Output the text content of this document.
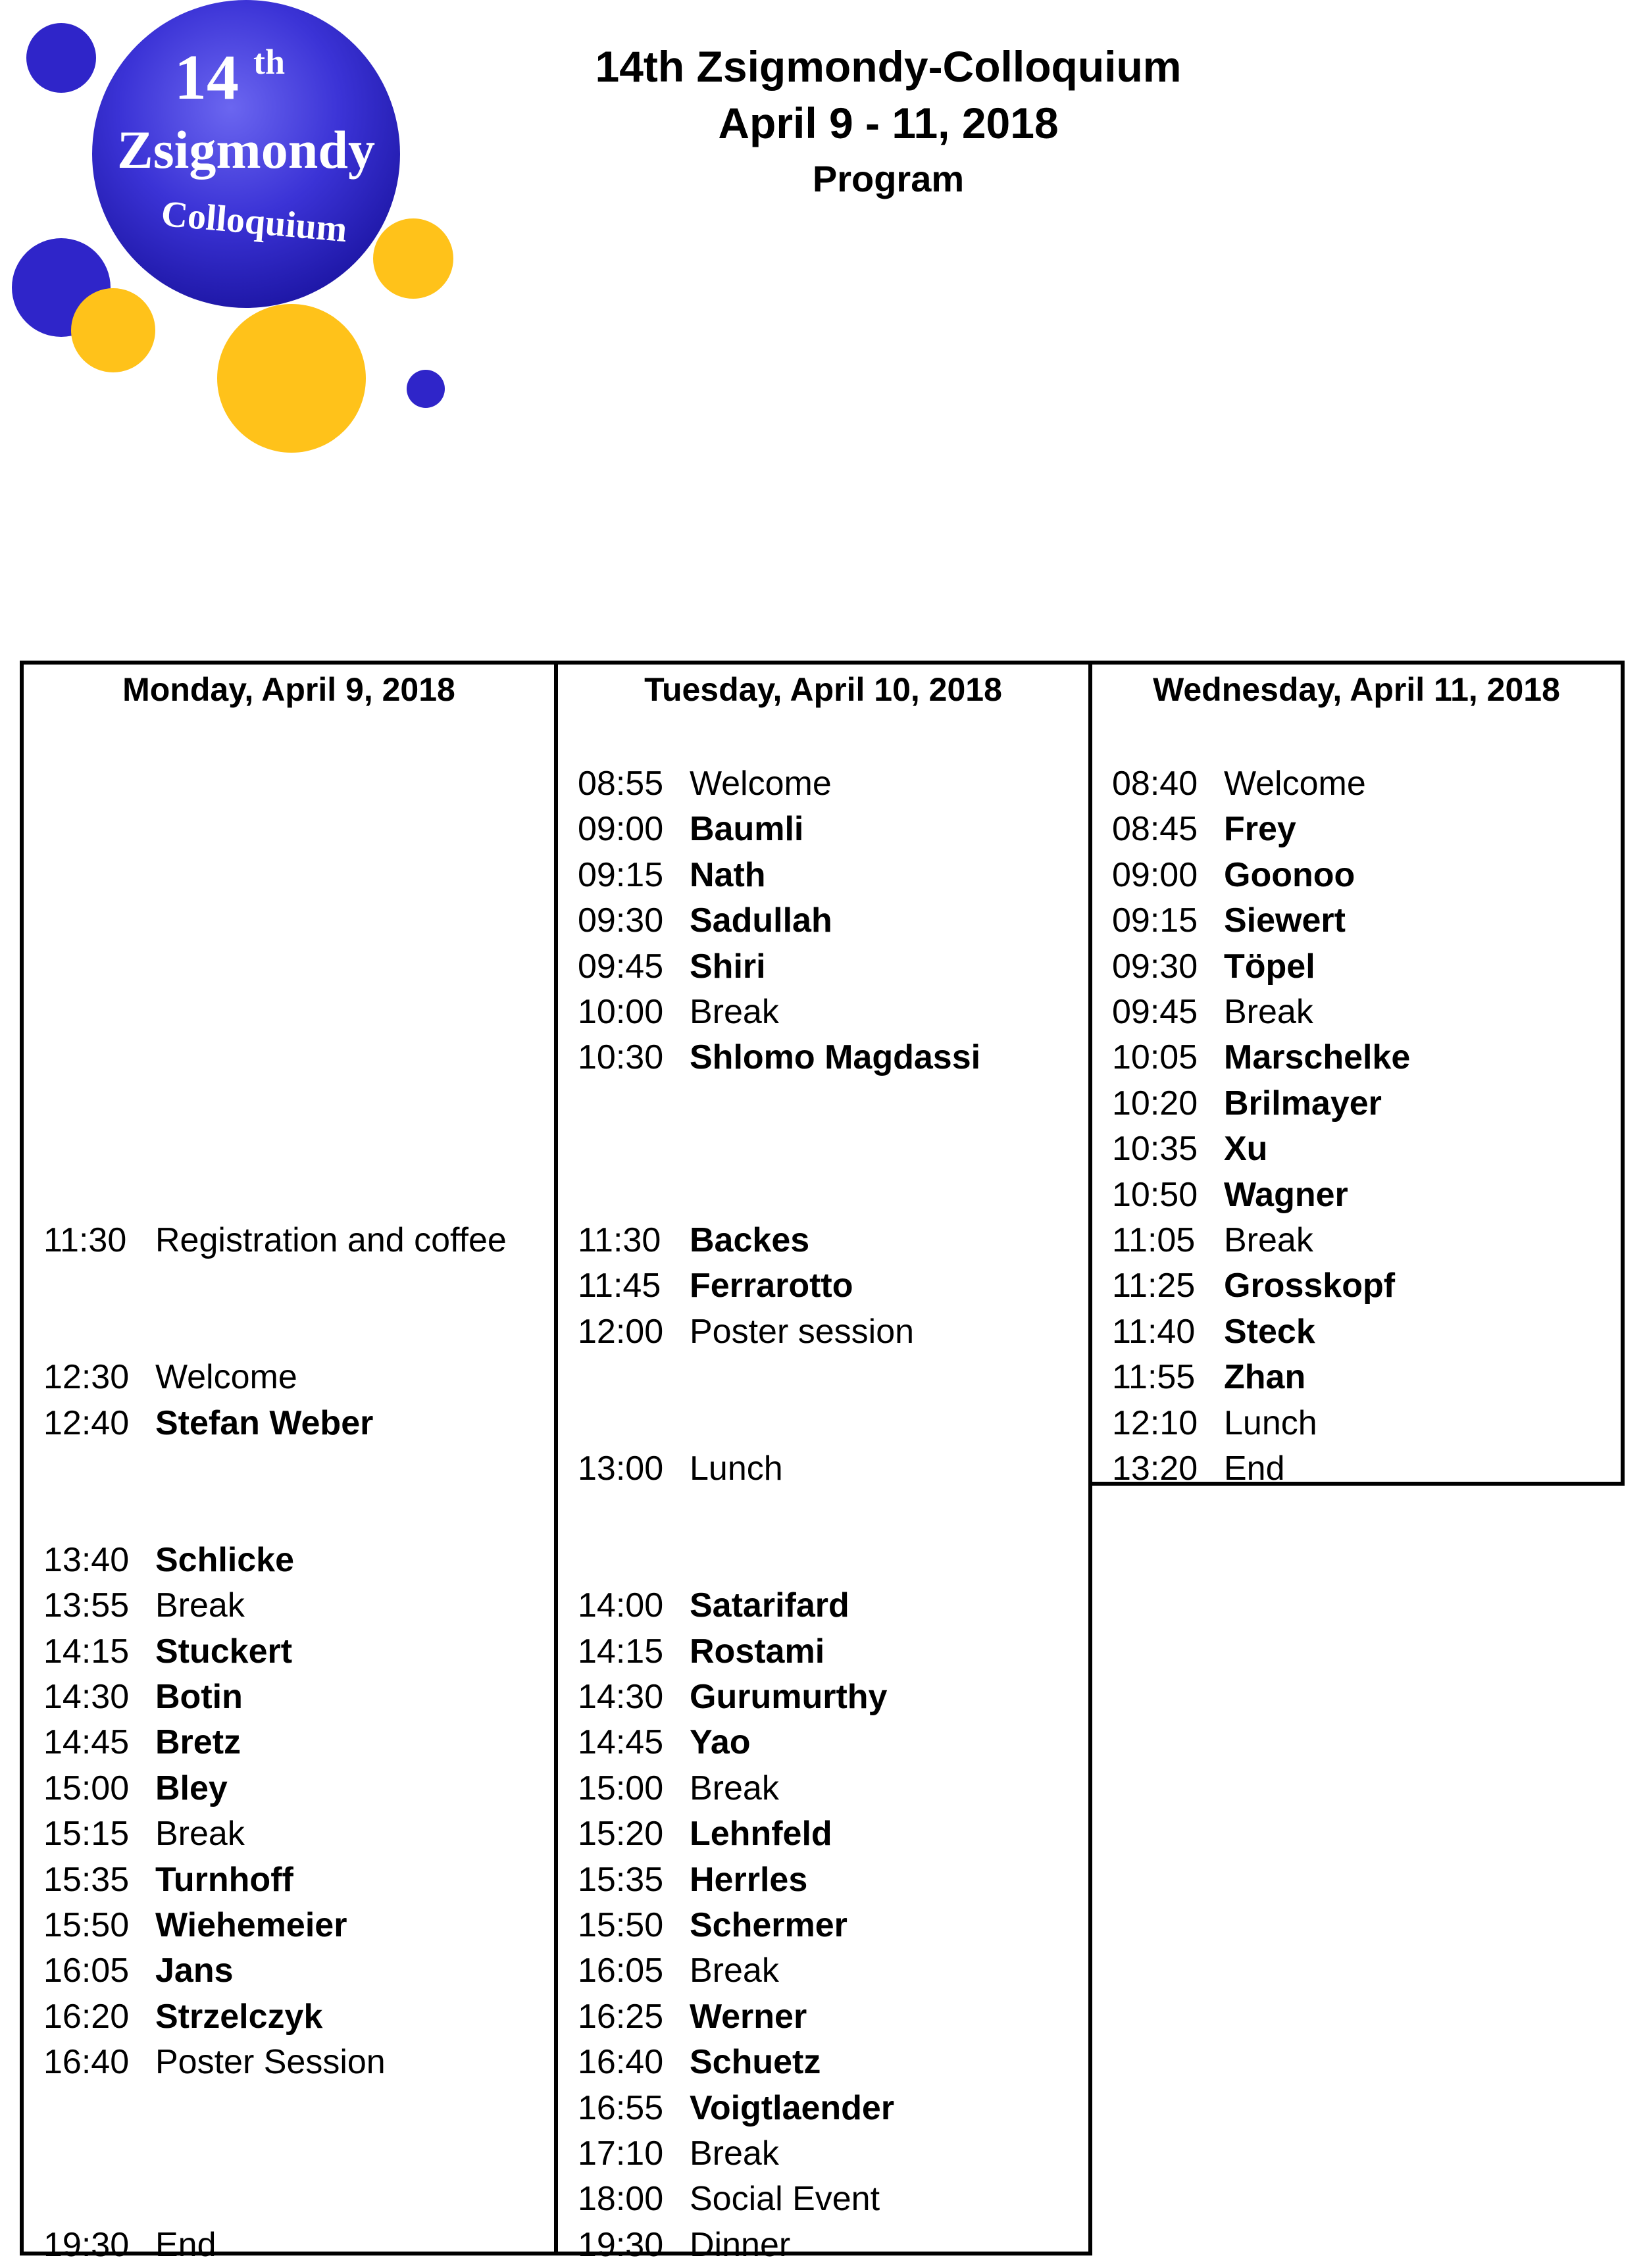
14 th
Zsigmondy
Colloquium
14th Zsigmondy-Colloquium
April 9 - 11, 2018
Program
Monday, April 9, 2018
11:30 Registration and coffee
12:30 Welcome
12:40 Stefan Weber
13:40 Schlicke
13:55 Break
14:15 Stuckert
14:30 Botin
14:45 Bretz
15:00 Bley
15:15 Break
15:35 Turnhoff
15:50 Wiehemeier
16:05 Jans
16:20 Strzelczyk
16:40 Poster Session
19:30 End
Tuesday, April 10, 2018
08:55 Welcome
09:00 Baumli
09:15 Nath
09:30 Sadullah
09:45 Shiri
10:00 Break
10:30 Shlomo Magdassi
11:30 Backes
11:45 Ferrarotto
12:00 Poster session
13:00 Lunch
14:00 Satarifard
14:15 Rostami
14:30 Gurumurthy
14:45 Yao
15:00 Break
15:20 Lehnfeld
15:35 Herrles
15:50 Schermer
16:05 Break
16:25 Werner
16:40 Schuetz
16:55 Voigtlaender
17:10 Break
18:00 Social Event
19:30 Dinner
Wednesday, April 11, 2018
08:40 Welcome
08:45 Frey
09:00 Goonoo
09:15 Siewert
09:30 Töpel
09:45 Break
10:05 Marschelke
10:20 Brilmayer
10:35 Xu
10:50 Wagner
11:05 Break
11:25 Grosskopf
11:40 Steck
11:55 Zhan
12:10 Lunch
13:20 End
